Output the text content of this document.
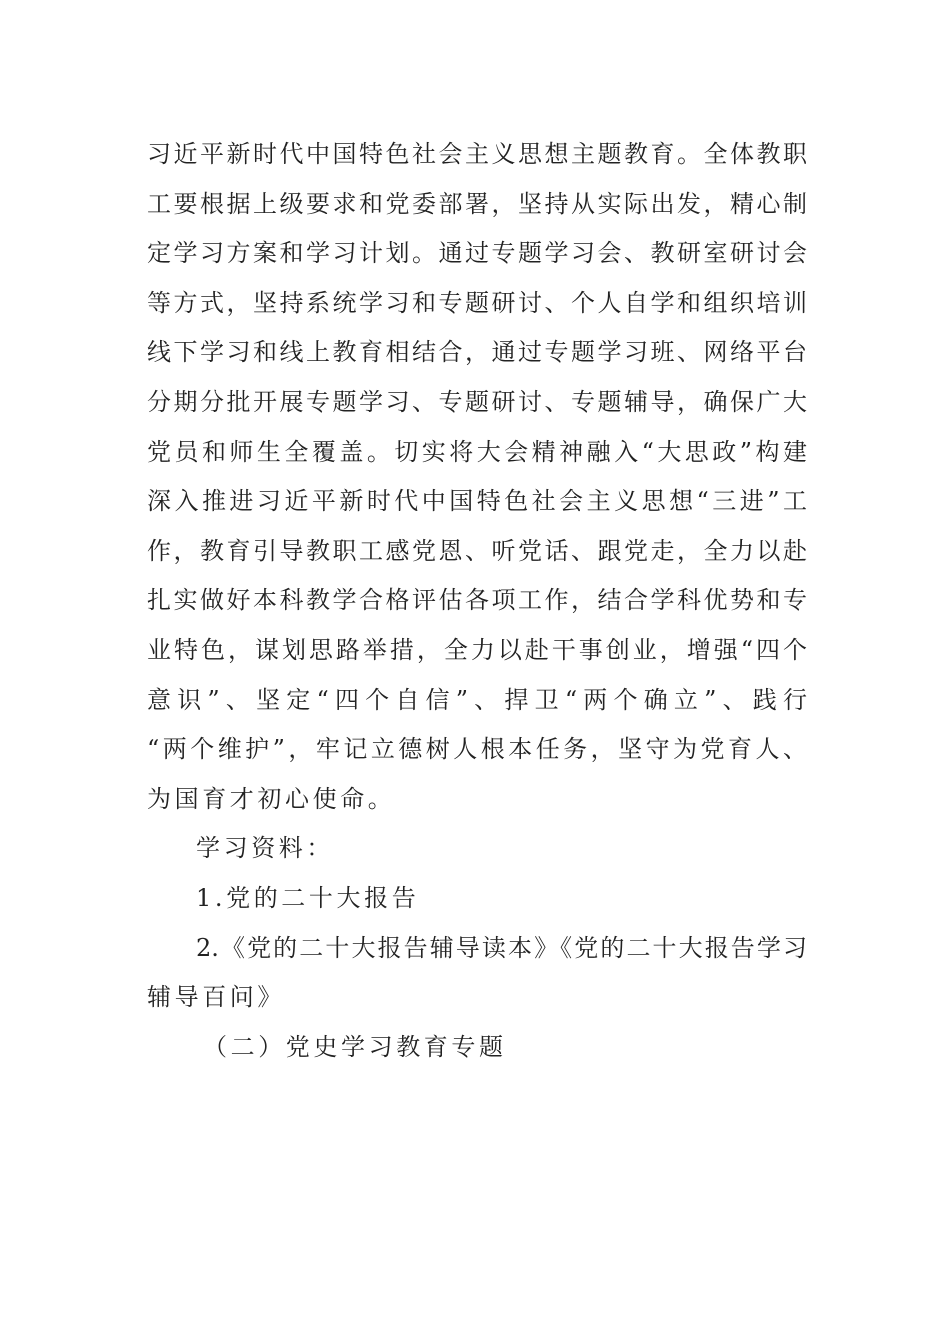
习近平新时代中国特色社会主义思想主题教育。全体教职
工要根据上级要求和党委部署，坚持从实际出发，精心制
定学习方案和学习计划。通过专题学习会、教研室研讨会
等方式，坚持系统学习和专题研讨、个人自学和组织培训
线下学习和线上教育相结合，通过专题学习班、网络平台
分期分批开展专题学习、专题研讨、专题辅导，确保广大
党员和师生全覆盖。切实将大会精神融入“大思政”构建
深入推进习近平新时代中国特色社会主义思想“三进”工
作，教育引导教职工感党恩、听党话、跟党走，全力以赴
扎实做好本科教学合格评估各项工作，结合学科优势和专
业特色，谋划思路举措，全力以赴干事创业，增强“四个
意识”、坚定“四个自信”、捍卫“两个确立”、践行
“两个维护”，牢记立德树人根本任务，坚守为党育人、
为国育才初心使命。
学习资料：
1.党的二十大报告
2.《党的二十大报告辅导读本》《党的二十大报告学习
辅导百问》
（二）党史学习教育专题
